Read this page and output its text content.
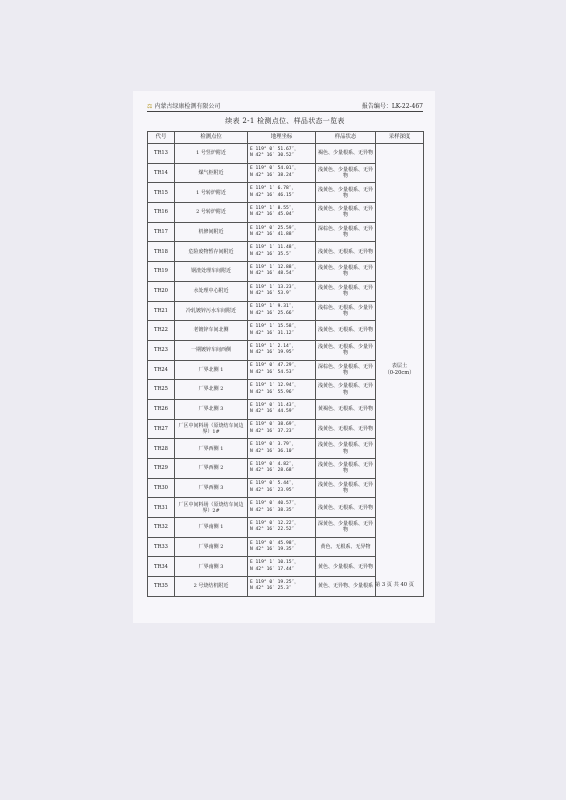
⚖ 内蒙古绿康检测有限公司	报告编号：LK-22-467
续表 2-1 检测点位、样品状态一览表
代号	检测点位	地理坐标	样品状态	采样深度
TR13	1 号竖炉附近	E 119° 0′ 51.67″，
N 42° 16′ 30.52″	褐色、少量根系、无异物	表层土
（0-20cm）
TR14	煤气柜附近	E 119° 0′ 54.01″，
N 42° 16′ 38.24″	浅黄色、少量根系、无异物	
TR15	1 号转炉附近	E 119° 1′ 6.78″，
N 42° 16′ 46.15″	浅黄色、少量根系、无异物	
TR16	2 号转炉附近	E 119° 1′ 8.55″，
N 42° 16′ 45.04″	浅黄色、少量根系、无异物	
TR17	机修间附近	E 119° 0′ 25.59″，
N 42° 16′ 41.88″	深棕色、少量根系、无异物	
TR18	危险废物暂存间附近	E 119° 1′ 11.48″，
N 42° 16′ 35.5″	浅黄色、无根系、无异物	
TR19	钢渣处理车间附近	E 119° 1′ 12.88″，
N 42° 16′ 48.54″	浅黄色、少量根系、无异物	
TR20	水处理中心附近	E 119° 1′ 13.23″，
N 42° 16′ 53.9″	浅黄色、少量根系、无异物	
TR21	冷轧镀锌污水车间附近	E 119° 1′ 9.31″，
N 42° 16′ 25.66″	浅棕色、无根系、少量异物	
TR22	老镀锌车间北侧	E 119° 1′ 15.58″，
N 42° 16′ 31.12″	浅黄色、无根系、无异物	
TR23	一期镀锌车间西侧	E 119° 1′ 2.14″，
N 42° 16′ 19.95″	浅黄色、无根系、少量异物	
TR24	厂界北侧 1	E 119° 0′ 47.29″，
N 42° 16′ 54.53″	深棕色、少量根系、无异物	
TR25	厂界北侧 2	E 119° 1′ 12.94″，
N 42° 16′ 55.96″	浅黄色、少量根系、无异物	
TR26	厂界北侧 3	E 119° 0′ 11.43″，
N 42° 16′ 44.59″	黄褐色、无根系、无异物	
TR27	厂区中间料场（原烧结车间边界）1#	E 119° 0′ 38.69″，
N 42° 16′ 37.23″	浅黄色、无根系、无异物	
TR28	厂界西侧 1	E 119° 0′ 3.79″，
N 42° 16′ 36.10″	浅黄色、少量根系、无异物	
TR29	厂界西侧 2	E 119° 0′ 4.82″，
N 42° 16′ 28.68″	浅黄色、少量根系、无异物	
TR30	厂界西侧 3	E 119° 0′ 5.44″，
N 42° 16′ 23.95″	浅黄色、少量根系、无异物	
TR31	厂区中间料场（原烧结车间边界）2#	E 119° 0′ 40.57″，
N 42° 16′ 38.35″	浅黄色、无根系、无异物	
TR32	厂界南侧 1	E 119° 0′ 12.22″，
N 42° 16′ 22.52″	深黄色、少量根系、无异物	
TR33	厂界南侧 2	E 119° 0′ 45.98″，
N 42° 16′ 19.35″	黄色、无根系、无异物	
TR34	厂界南侧 3	E 119° 1′ 10.15″，
N 42° 16′ 17.44″	黄色、少量根系、无异物	
TR35	2 号烧结机附近	E 119° 0′ 19.25″，
N 42° 16′ 25.3″	黄色、无异物、少量根系	第 3 页 共 40 页
